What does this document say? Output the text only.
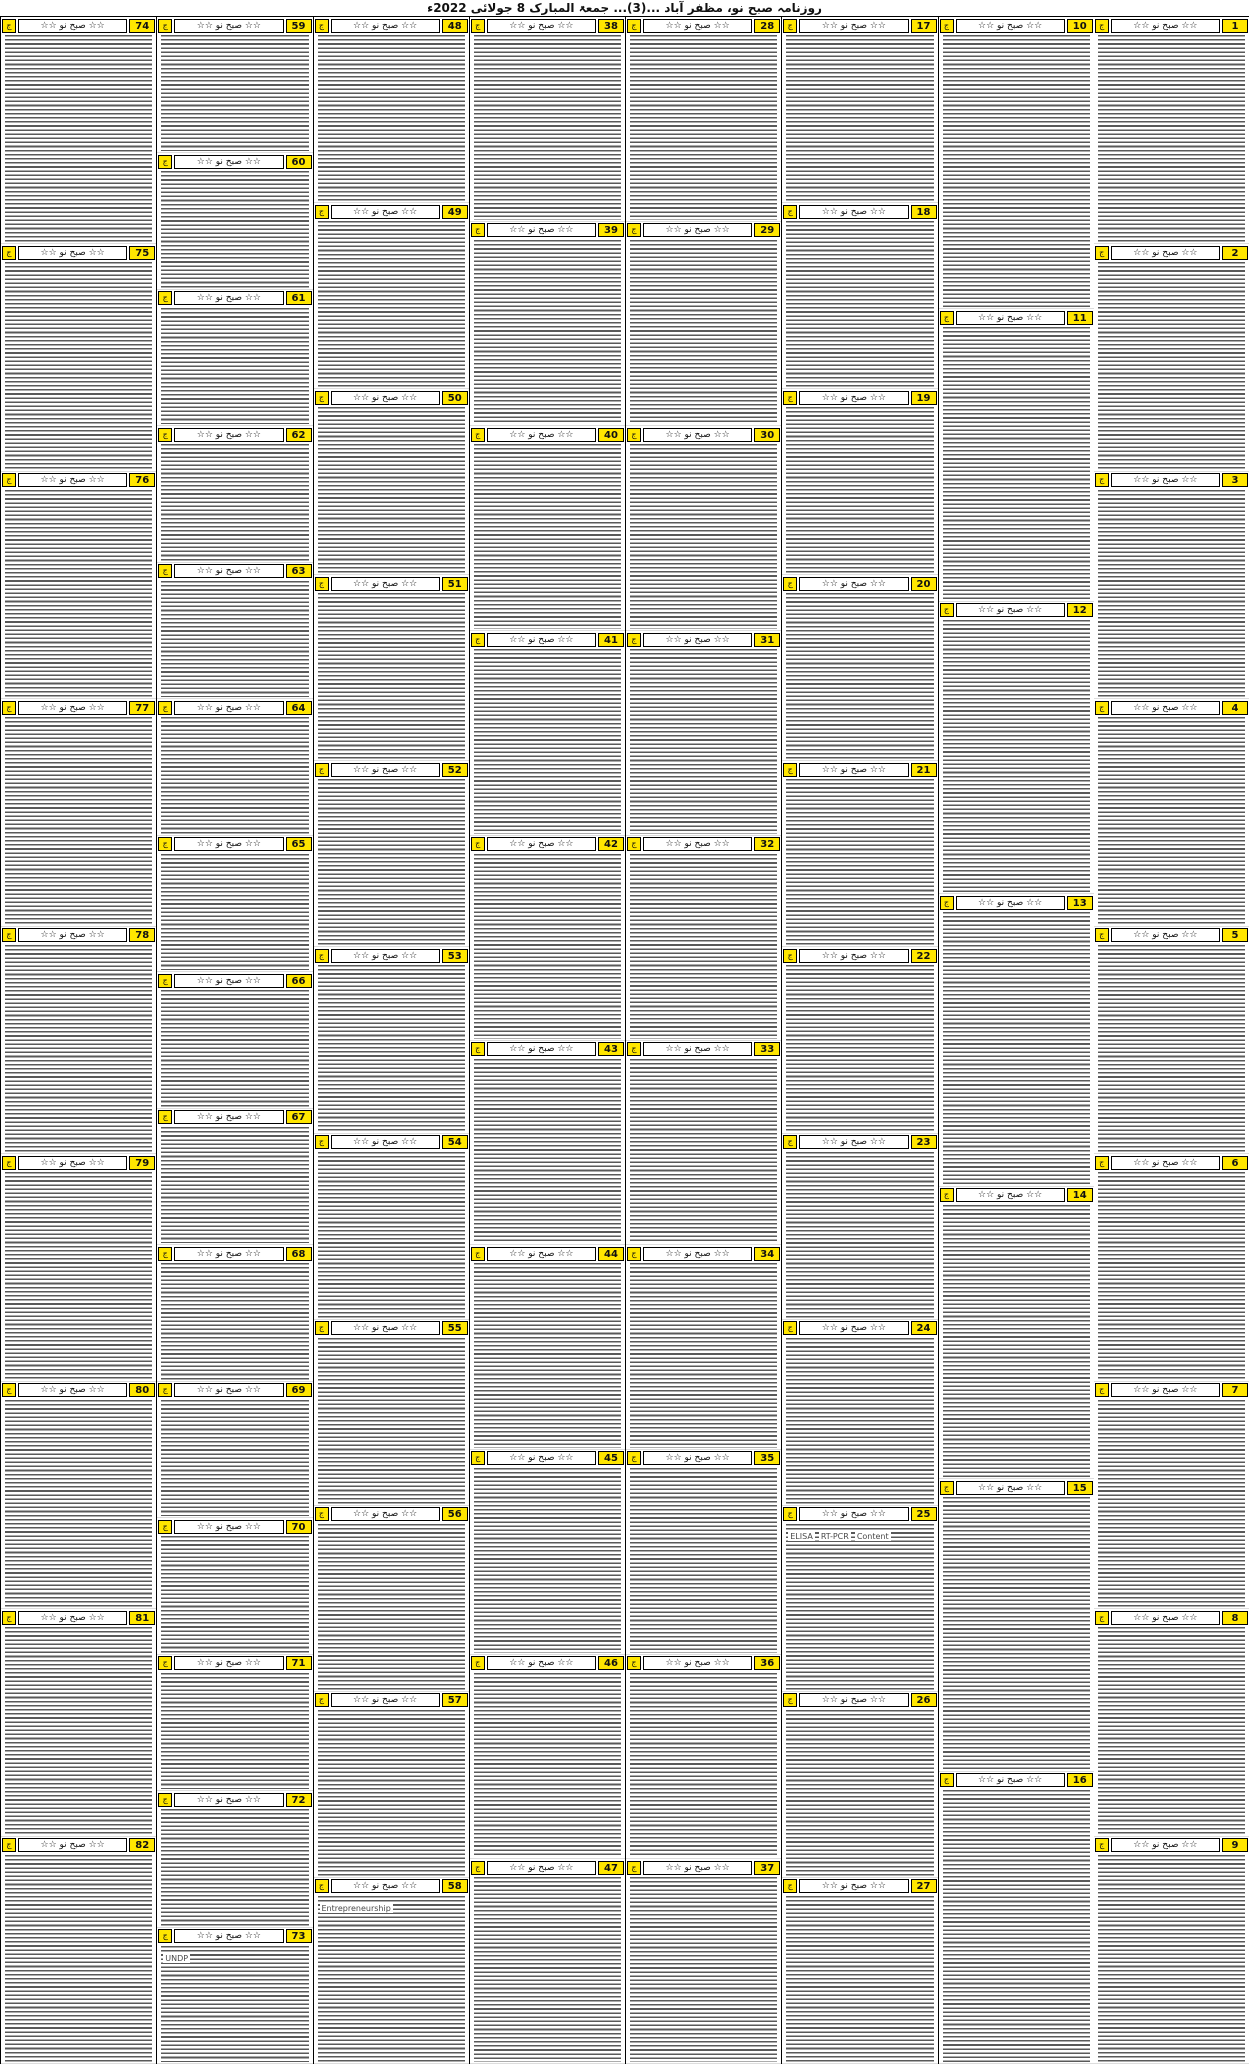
روزنامہ صبح نو، مظفر آباد ...(3)... جمعۃ المبارک 8 جولائی 2022ء
1
☆☆ صبح نو ☆☆
ج
2
☆☆ صبح نو ☆☆
ج
3
☆☆ صبح نو ☆☆
ج
4
☆☆ صبح نو ☆☆
ج
5
☆☆ صبح نو ☆☆
ج
6
☆☆ صبح نو ☆☆
ج
7
☆☆ صبح نو ☆☆
ج
8
☆☆ صبح نو ☆☆
ج
9
☆☆ صبح نو ☆☆
ج
10
☆☆ صبح نو ☆☆
ج
11
☆☆ صبح نو ☆☆
ج
12
☆☆ صبح نو ☆☆
ج
13
☆☆ صبح نو ☆☆
ج
14
☆☆ صبح نو ☆☆
ج
15
☆☆ صبح نو ☆☆
ج
16
☆☆ صبح نو ☆☆
ج
17
☆☆ صبح نو ☆☆
ج
18
☆☆ صبح نو ☆☆
ج
19
☆☆ صبح نو ☆☆
ج
20
☆☆ صبح نو ☆☆
ج
21
☆☆ صبح نو ☆☆
ج
22
☆☆ صبح نو ☆☆
ج
23
☆☆ صبح نو ☆☆
ج
24
☆☆ صبح نو ☆☆
ج
25
☆☆ صبح نو ☆☆
ج
ELISA RT-PCR Content
26
☆☆ صبح نو ☆☆
ج
27
☆☆ صبح نو ☆☆
ج
28
☆☆ صبح نو ☆☆
ج
29
☆☆ صبح نو ☆☆
ج
30
☆☆ صبح نو ☆☆
ج
31
☆☆ صبح نو ☆☆
ج
32
☆☆ صبح نو ☆☆
ج
33
☆☆ صبح نو ☆☆
ج
34
☆☆ صبح نو ☆☆
ج
35
☆☆ صبح نو ☆☆
ج
36
☆☆ صبح نو ☆☆
ج
37
☆☆ صبح نو ☆☆
ج
38
☆☆ صبح نو ☆☆
ج
39
☆☆ صبح نو ☆☆
ج
40
☆☆ صبح نو ☆☆
ج
41
☆☆ صبح نو ☆☆
ج
42
☆☆ صبح نو ☆☆
ج
43
☆☆ صبح نو ☆☆
ج
44
☆☆ صبح نو ☆☆
ج
45
☆☆ صبح نو ☆☆
ج
46
☆☆ صبح نو ☆☆
ج
47
☆☆ صبح نو ☆☆
ج
48
☆☆ صبح نو ☆☆
ج
49
☆☆ صبح نو ☆☆
ج
50
☆☆ صبح نو ☆☆
ج
51
☆☆ صبح نو ☆☆
ج
52
☆☆ صبح نو ☆☆
ج
53
☆☆ صبح نو ☆☆
ج
54
☆☆ صبح نو ☆☆
ج
55
☆☆ صبح نو ☆☆
ج
56
☆☆ صبح نو ☆☆
ج
57
☆☆ صبح نو ☆☆
ج
58
☆☆ صبح نو ☆☆
ج
Entrepreneurship
59
☆☆ صبح نو ☆☆
ج
60
☆☆ صبح نو ☆☆
ج
61
☆☆ صبح نو ☆☆
ج
62
☆☆ صبح نو ☆☆
ج
63
☆☆ صبح نو ☆☆
ج
64
☆☆ صبح نو ☆☆
ج
65
☆☆ صبح نو ☆☆
ج
66
☆☆ صبح نو ☆☆
ج
67
☆☆ صبح نو ☆☆
ج
68
☆☆ صبح نو ☆☆
ج
69
☆☆ صبح نو ☆☆
ج
70
☆☆ صبح نو ☆☆
ج
71
☆☆ صبح نو ☆☆
ج
72
☆☆ صبح نو ☆☆
ج
73
☆☆ صبح نو ☆☆
ج
UNDP
74
☆☆ صبح نو ☆☆
ج
75
☆☆ صبح نو ☆☆
ج
76
☆☆ صبح نو ☆☆
ج
77
☆☆ صبح نو ☆☆
ج
78
☆☆ صبح نو ☆☆
ج
79
☆☆ صبح نو ☆☆
ج
80
☆☆ صبح نو ☆☆
ج
81
☆☆ صبح نو ☆☆
ج
82
☆☆ صبح نو ☆☆
ج
